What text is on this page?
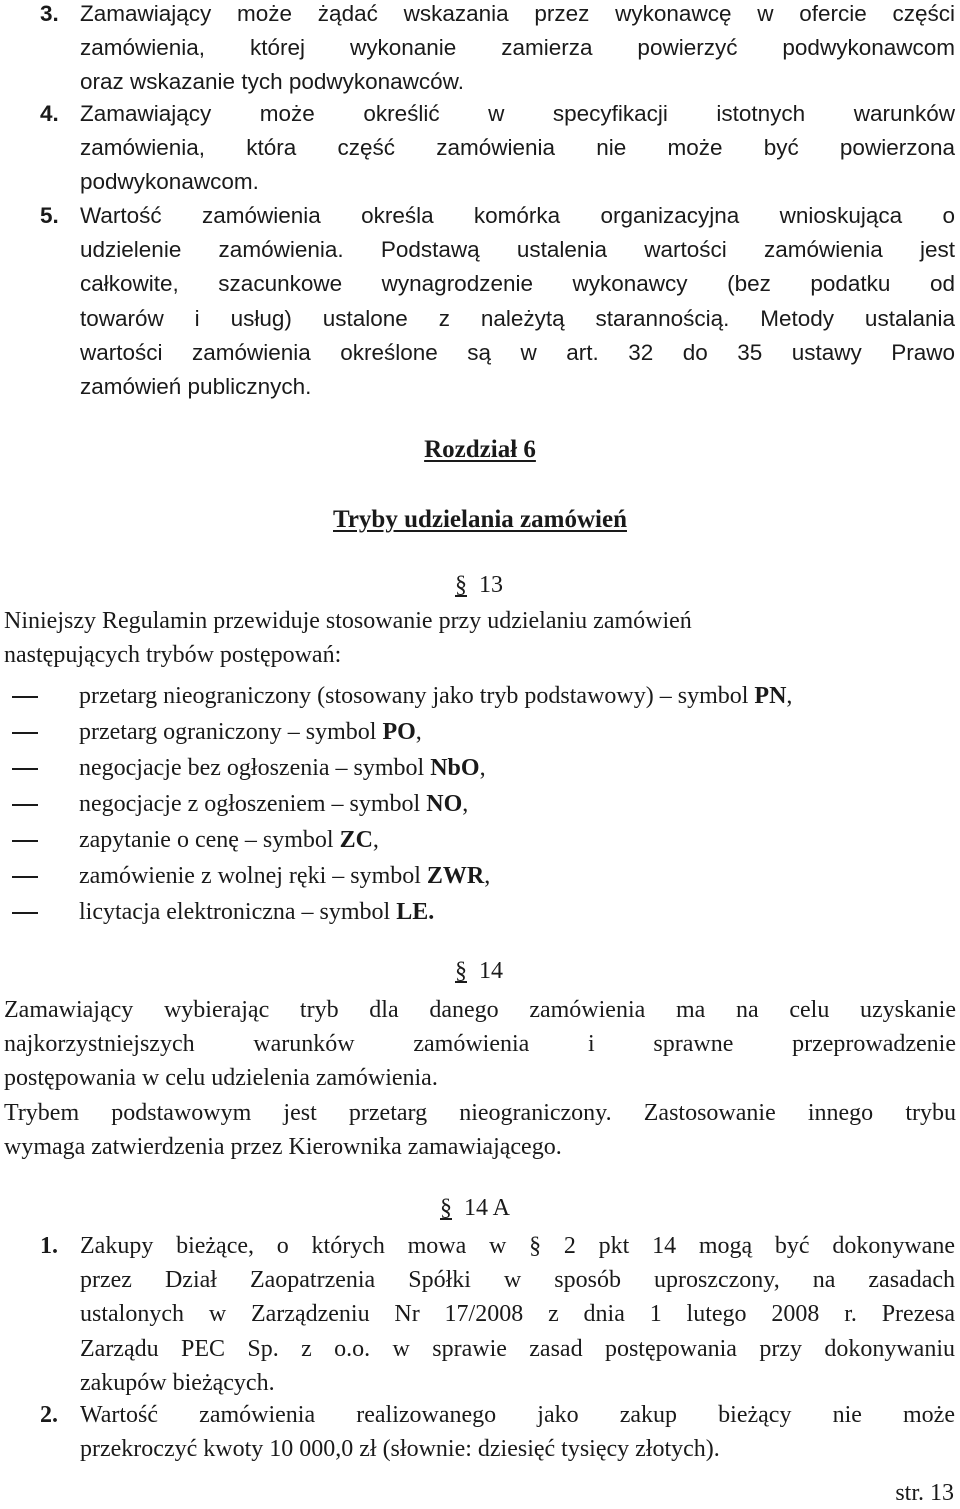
3. Zamawiający może żądać wskazania przez wykonawcę w ofercie części
zamówienia, której wykonanie zamierza powierzyć podwykonawcom
oraz wskazanie tych podwykonawców.
4. Zamawiający może określić w specyfikacji istotnych warunków
zamówienia, która część zamówienia nie może być powierzona
podwykonawcom.
5. Wartość zamówienia określa komórka organizacyjna wnioskująca o
udzielenie zamówienia. Podstawą ustalenia wartości zamówienia jest
całkowite, szacunkowe wynagrodzenie wykonawcy (bez podatku od
towarów i usług) ustalone z należytą starannością. Metody ustalania
wartości zamówienia określone są w art. 32 do 35 ustawy Prawo
zamówień publicznych.
Rozdział 6
Tryby udzielania zamówień
§ 13
Niniejszy Regulamin przewiduje stosowanie przy udzielaniu zamówień
następujących trybów postępowań:
przetarg nieograniczony (stosowany jako tryb podstawowy) – symbol PN,
przetarg ograniczony – symbol PO,
negocjacje bez ogłoszenia – symbol NbO,
negocjacje z ogłoszeniem – symbol NO,
zapytanie o cenę – symbol ZC,
zamówienie z wolnej ręki – symbol ZWR,
licytacja elektroniczna – symbol LE.
§ 14
Zamawiający wybierając tryb dla danego zamówienia ma na celu uzyskanie
najkorzystniejszych warunków zamówienia i sprawne przeprowadzenie
postępowania w celu udzielenia zamówienia.
Trybem podstawowym jest przetarg nieograniczony. Zastosowanie innego trybu
wymaga zatwierdzenia przez Kierownika zamawiającego.
§ 14 A
1. Zakupy bieżące, o których mowa w § 2 pkt 14 mogą być dokonywane
przez Dział Zaopatrzenia Spółki w sposób uproszczony, na zasadach
ustalonych w Zarządzeniu Nr 17/2008 z dnia 1 lutego 2008 r. Prezesa
Zarządu PEC Sp. z o.o. w sprawie zasad postępowania przy dokonywaniu
zakupów bieżących.
2. Wartość zamówienia realizowanego jako zakup bieżący nie może
przekroczyć kwoty 10 000,0 zł (słownie: dziesięć tysięcy złotych).
str. 13
